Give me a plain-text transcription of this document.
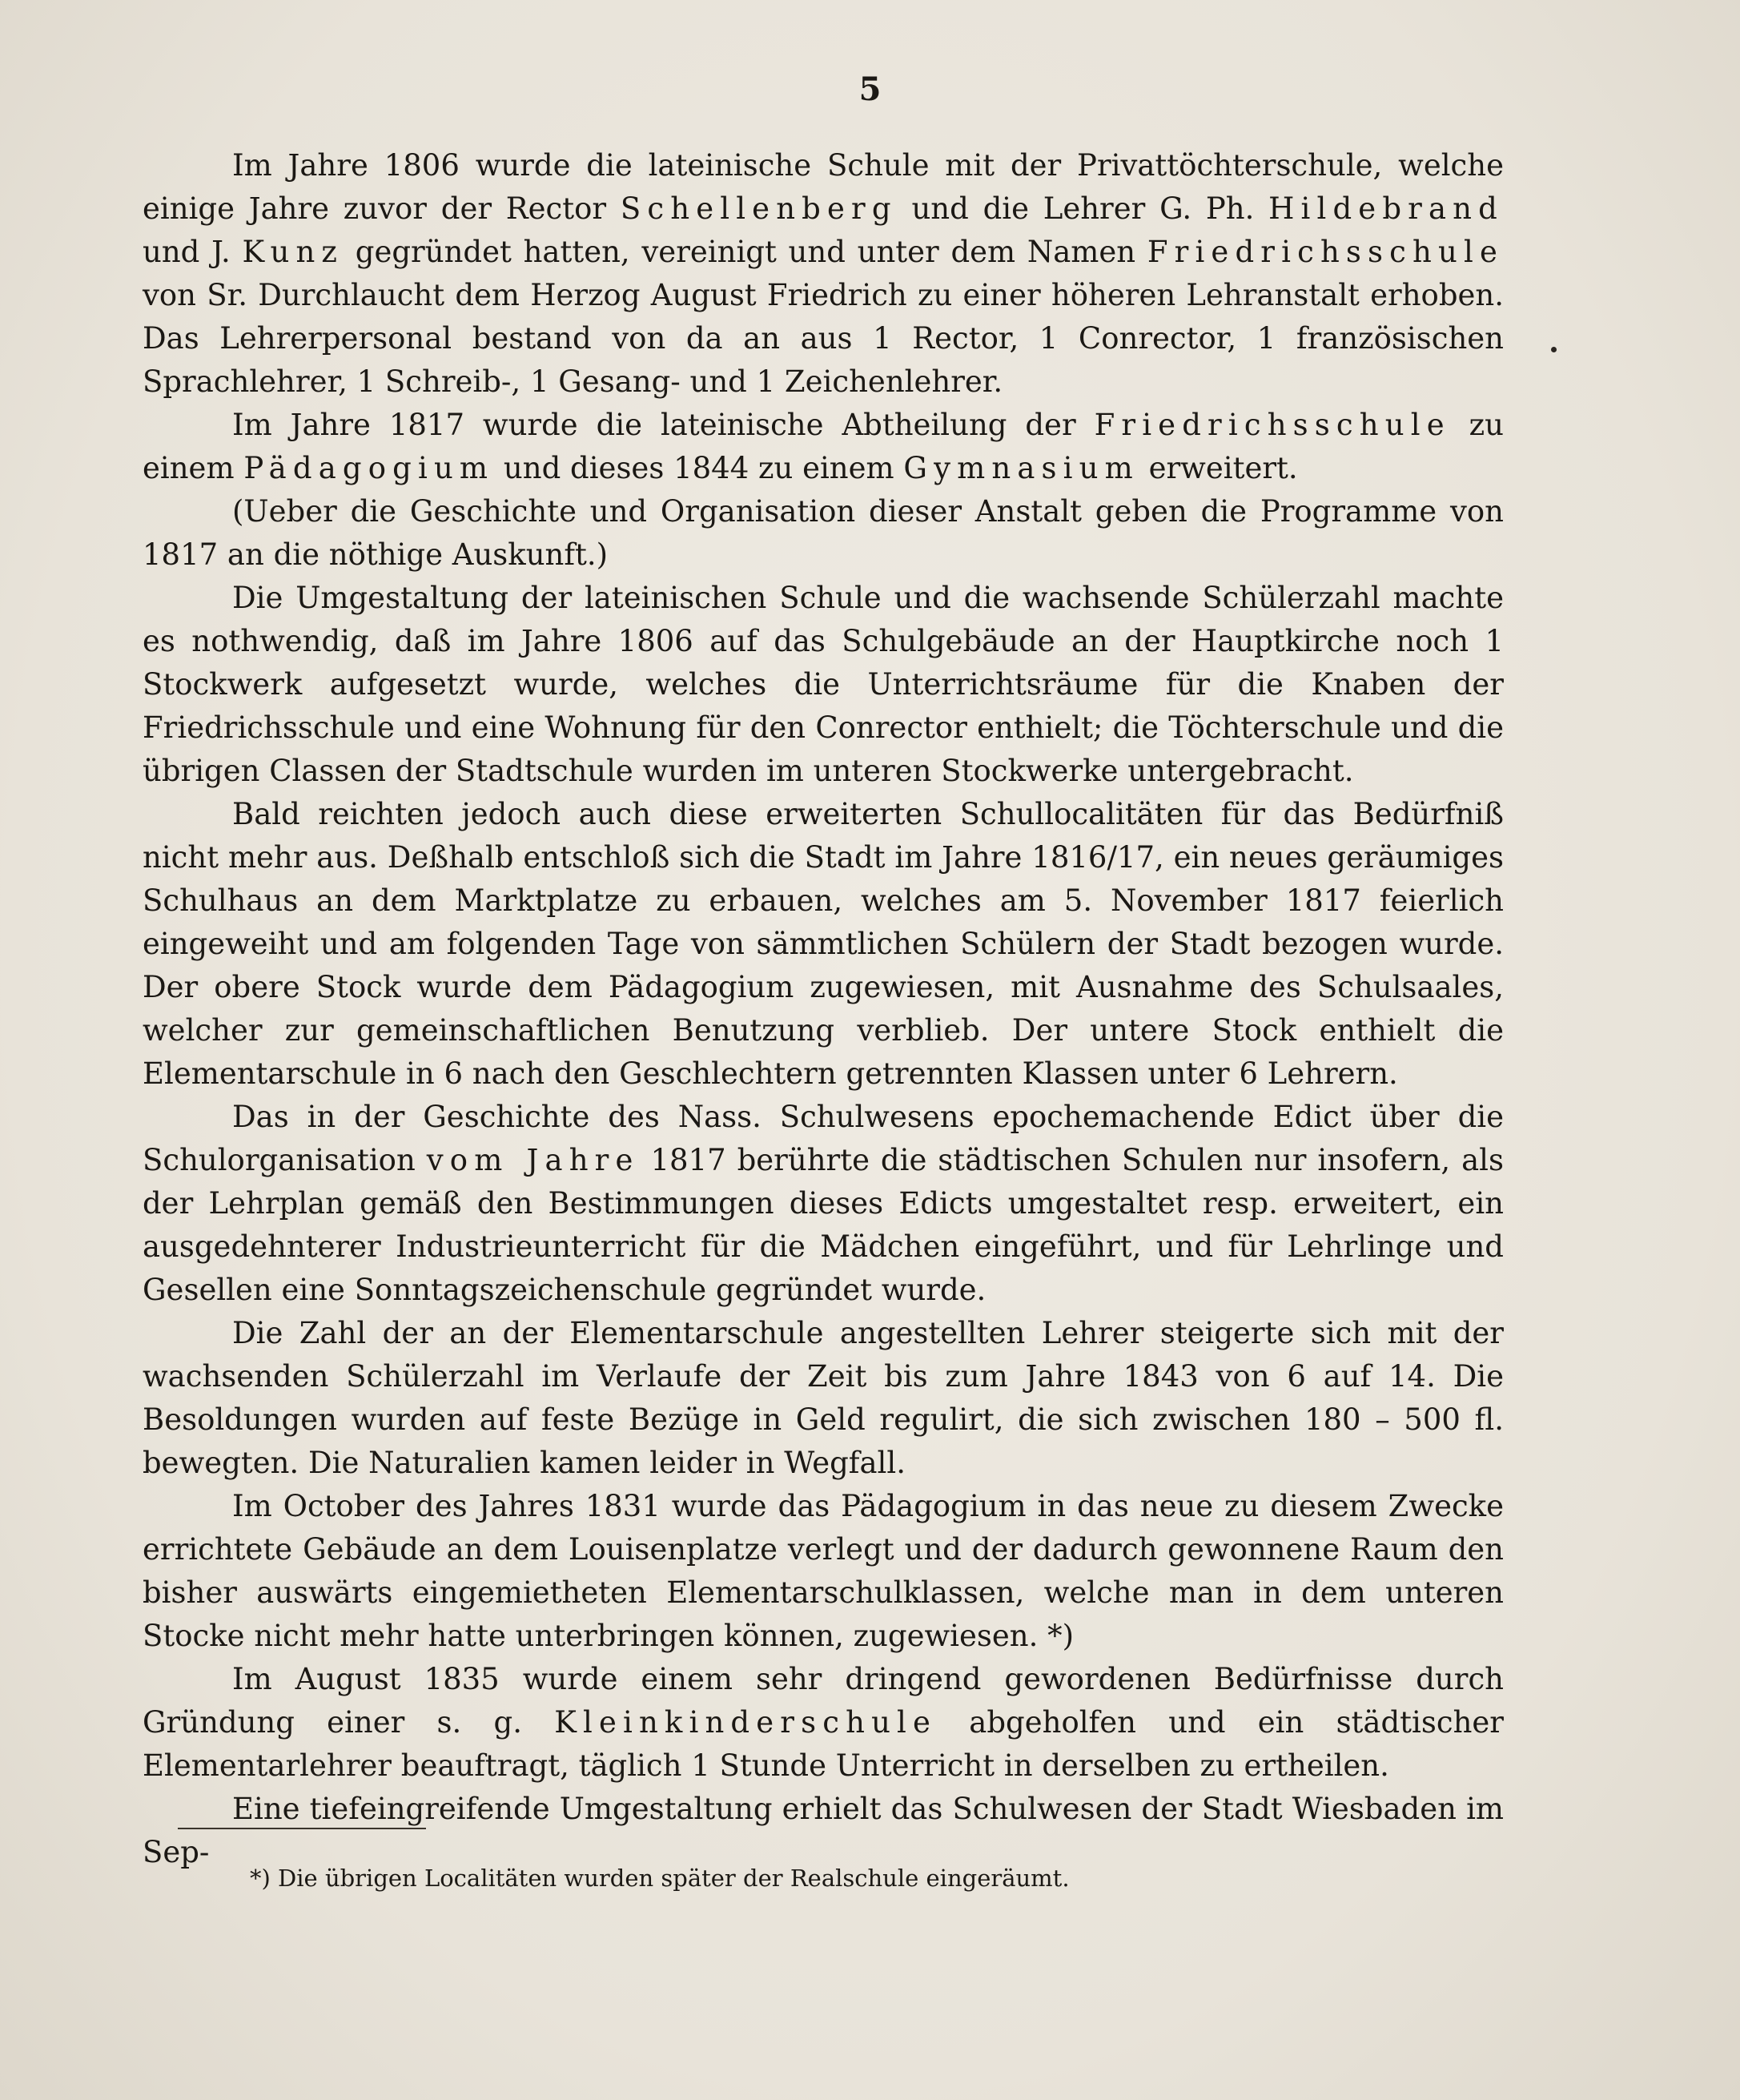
5

Im Jahre 1806 wurde die lateinische Schule mit der Privattöchterschule, welche einige Jahre zuvor der Rector Schellenberg und die Lehrer G. Ph. Hildebrand und J. Kunz gegründet hatten, vereinigt und unter dem Namen Friedrichsschule von Sr. Durchlaucht dem Herzog August Friedrich zu einer höheren Lehranstalt erhoben. Das Lehrerpersonal bestand von da an aus 1 Rector, 1 Conrector, 1 französischen Sprachlehrer, 1 Schreib-, 1 Gesang- und 1 Zeichenlehrer.

Im Jahre 1817 wurde die lateinische Abtheilung der Friedrichsschule zu einem Pädagogium und dieses 1844 zu einem Gymnasium erweitert.

(Ueber die Geschichte und Organisation dieser Anstalt geben die Programme von 1817 an die nöthige Auskunft.)

Die Umgestaltung der lateinischen Schule und die wachsende Schülerzahl machte es nothwendig, daß im Jahre 1806 auf das Schulgebäude an der Hauptkirche noch 1 Stockwerk aufgesetzt wurde, welches die Unterrichtsräume für die Knaben der Friedrichsschule und eine Wohnung für den Conrector enthielt; die Töchterschule und die übrigen Classen der Stadtschule wurden im unteren Stockwerke untergebracht.

Bald reichten jedoch auch diese erweiterten Schullocalitäten für das Bedürfniß nicht mehr aus. Deßhalb entschloß sich die Stadt im Jahre 1816/17, ein neues geräumiges Schulhaus an dem Marktplatze zu erbauen, welches am 5. November 1817 feierlich eingeweiht und am folgenden Tage von sämmtlichen Schülern der Stadt bezogen wurde. Der obere Stock wurde dem Pädagogium zugewiesen, mit Ausnahme des Schulsaales, welcher zur gemeinschaftlichen Benutzung verblieb. Der untere Stock enthielt die Elementarschule in 6 nach den Geschlechtern getrennten Klassen unter 6 Lehrern.

Das in der Geschichte des Nass. Schulwesens epochemachende Edict über die Schulorganisation vom Jahre 1817 berührte die städtischen Schulen nur insofern, als der Lehrplan gemäß den Bestimmungen dieses Edicts umgestaltet resp. erweitert, ein ausgedehnterer Industrieunterricht für die Mädchen eingeführt, und für Lehrlinge und Gesellen eine Sonntagszeichenschule gegründet wurde.

Die Zahl der an der Elementarschule angestellten Lehrer steigerte sich mit der wachsenden Schülerzahl im Verlaufe der Zeit bis zum Jahre 1843 von 6 auf 14. Die Besoldungen wurden auf feste Bezüge in Geld regulirt, die sich zwischen 180 – 500 fl. bewegten. Die Naturalien kamen leider in Wegfall.

Im October des Jahres 1831 wurde das Pädagogium in das neue zu diesem Zwecke errichtete Gebäude an dem Louisenplatze verlegt und der dadurch gewonnene Raum den bisher auswärts eingemietheten Elementarschulklassen, welche man in dem unteren Stocke nicht mehr hatte unterbringen können, zugewiesen. *)

Im August 1835 wurde einem sehr dringend gewordenen Bedürfnisse durch Gründung einer s. g. Kleinkinderschule abgeholfen und ein städtischer Elementarlehrer beauftragt, täglich 1 Stunde Unterricht in derselben zu ertheilen.

Eine tiefeingreifende Umgestaltung erhielt das Schulwesen der Stadt Wiesbaden im Sep-

*) Die übrigen Localitäten wurden später der Realschule eingeräumt.
